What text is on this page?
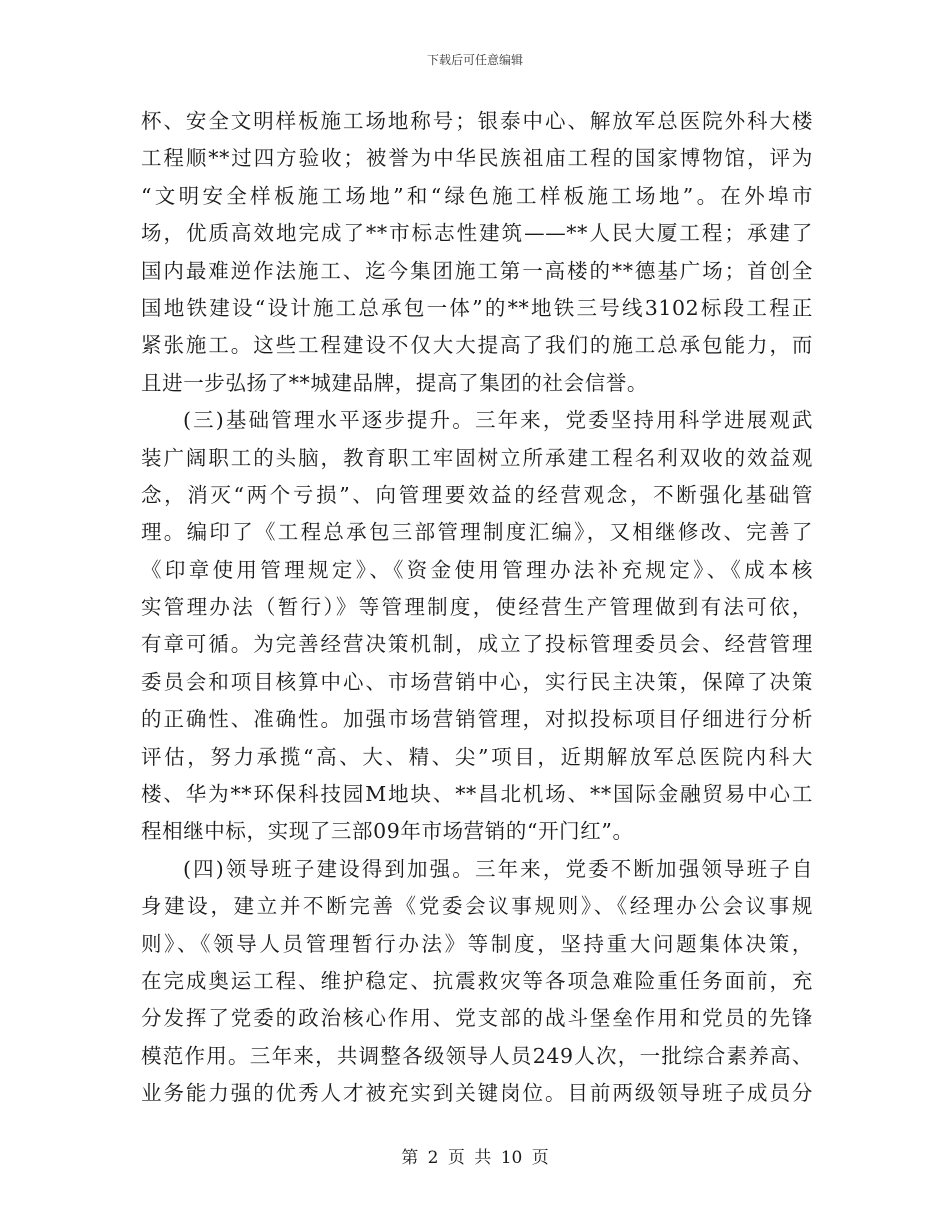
下载后可任意编辑
杯、安全文明样板施工场地称号；银泰中心、解放军总医院外科大楼
工程顺**过四方验收；被誉为中华民族祖庙工程的国家博物馆，评为
“文明安全样板施工场地”和“绿色施工样板施工场地”。在外埠市
场，优质高效地完成了**市标志性建筑——**人民大厦工程；承建了
国内最难逆作法施工、迄今集团施工第一高楼的**德基广场；首创全
国地铁建设“设计施工总承包一体”的**地铁三号线3102标段工程正
紧张施工。这些工程建设不仅大大提高了我们的施工总承包能力，而
且进一步弘扬了**城建品牌，提高了集团的社会信誉。
(三)基础管理水平逐步提升。三年来，党委坚持用科学进展观武
装广阔职工的头脑，教育职工牢固树立所承建工程名利双收的效益观
念，消灭“两个亏损”、向管理要效益的经营观念，不断强化基础管
理。编印了《工程总承包三部管理制度汇编》，又相继修改、完善了
《印章使用管理规定》、《资金使用管理办法补充规定》、《成本核
实管理办法（暂行）》等管理制度，使经营生产管理做到有法可依，
有章可循。为完善经营决策机制，成立了投标管理委员会、经营管理
委员会和项目核算中心、市场营销中心，实行民主决策，保障了决策
的正确性、准确性。加强市场营销管理，对拟投标项目仔细进行分析
评估，努力承揽“高、大、精、尖”项目，近期解放军总医院内科大
楼、华为**环保科技园M地块、**昌北机场、**国际金融贸易中心工
程相继中标，实现了三部09年市场营销的“开门红”。
(四)领导班子建设得到加强。三年来，党委不断加强领导班子自
身建设，建立并不断完善《党委会议事规则》、《经理办公会议事规
则》、《领导人员管理暂行办法》等制度，坚持重大问题集体决策，
在完成奥运工程、维护稳定、抗震救灾等各项急难险重任务面前，充
分发挥了党委的政治核心作用、党支部的战斗堡垒作用和党员的先锋
模范作用。三年来，共调整各级领导人员249人次，一批综合素养高、
业务能力强的优秀人才被充实到关键岗位。目前两级领导班子成员分
第 2 页 共 10 页
